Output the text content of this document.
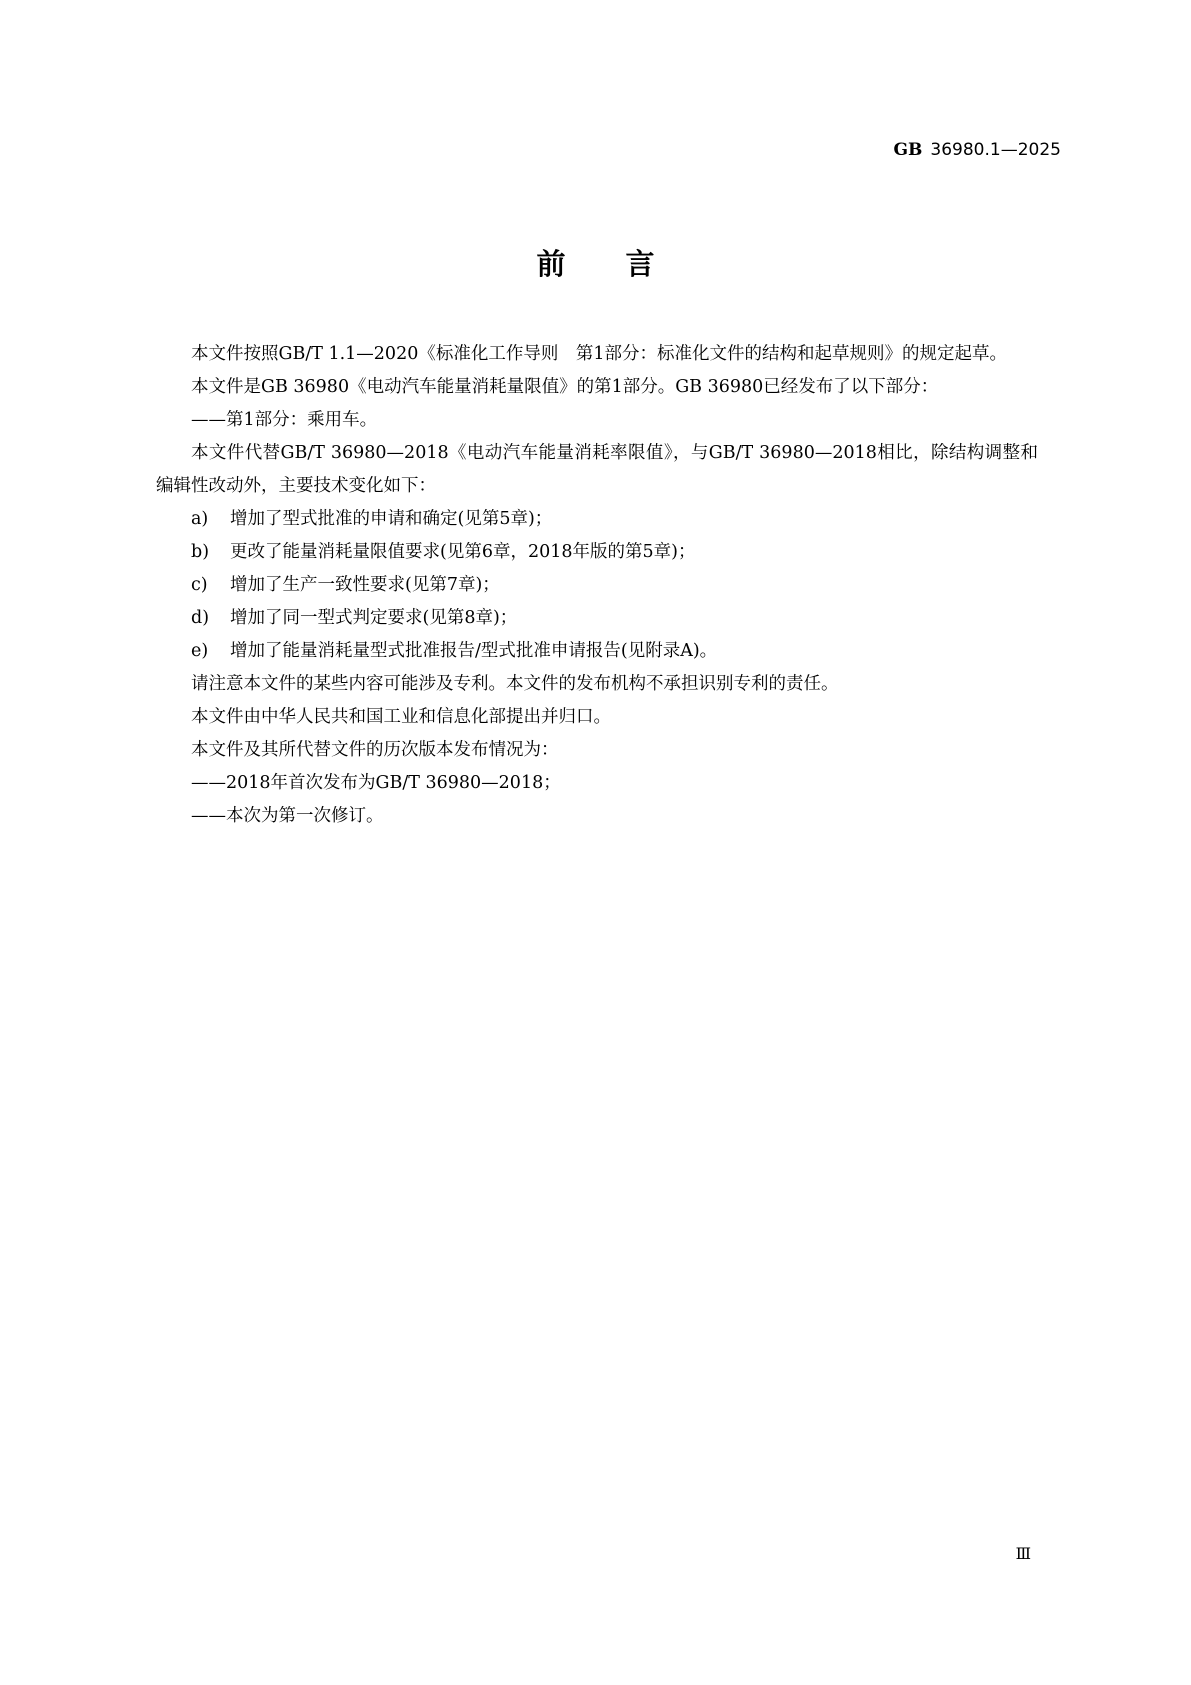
GB 36980.1—2025
前言

本文件按照GB/T 1.1—2020《标准化工作导则　第1部分：标准化文件的结构和起草规则》的规定起草。

本文件是GB 36980《电动汽车能量消耗量限值》的第1部分。GB 36980已经发布了以下部分：

——第1部分：乘用车。

本文件代替GB/T 36980—2018《电动汽车能量消耗率限值》，与GB/T 36980—2018相比，除结构调整和编辑性改动外，主要技术变化如下：

a) 增加了型式批准的申请和确定(见第5章)；

b) 更改了能量消耗量限值要求(见第6章，2018年版的第5章)；

c) 增加了生产一致性要求(见第7章)；

d) 增加了同一型式判定要求(见第8章)；

e) 增加了能量消耗量型式批准报告/型式批准申请报告(见附录A)。

请注意本文件的某些内容可能涉及专利。本文件的发布机构不承担识别专利的责任。

本文件由中华人民共和国工业和信息化部提出并归口。

本文件及其所代替文件的历次版本发布情况为：

——2018年首次发布为GB/T 36980—2018；

——本次为第一次修订。

Ⅲ
